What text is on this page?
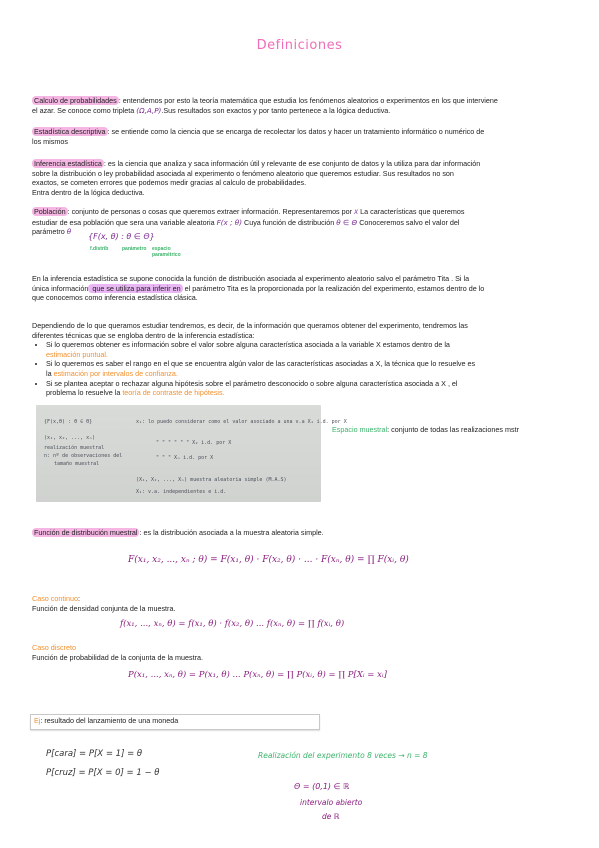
Definiciones
Calculo de probabilidades : entendemos por esto la teoría matemática que estudia los fenómenos aleatorios o experimentos en los que interviene
el azar. Se conoce como tripleta (Ω,A,P).Sus resultados son exactos y por tanto pertenece a la lógica deductiva.
Estadística descriptiva : se entiende como la ciencia que se encarga de recolectar los datos y hacer un tratamiento informático o numérico de
los mismos
Inferencia estadística : es la ciencia que analiza y saca información útil y relevante de ese conjunto de datos y la utiliza para dar información
sobre la distribución o ley probabilidad asociada al experimento o fenómeno aleatorio que queremos estudiar. Sus resultados no son
exactos, se cometen errores que podemos medir gracias al calculo de probabilidades.
Entra dentro de la lógica deductiva.
Población : conjunto de personas o cosas que queremos extraer información. Representaremos por X La características que queremos
estudiar de esa población que sera una variable aleatoria F(x ; θ) Cuya función de distribución θ ∈ Θ Conoceremos salvo el valor del
parámetro θ
{F(x, θ) : θ ∈ Θ}
f.distrib	parámetro espacio paramétrico
En la inferencia estadística se supone conocida la función de distribución asociada al experimento aleatorio salvo el parámetro Tita . Si la
única información que se utiliza para inferir en el parámetro Tita es la proporcionada por la realización del experimento, estamos dentro de lo
que conocemos como inferencia estadística clásica.
Dependiendo de lo que queramos estudiar tendremos, es decir, de la información que queramos obtener del experimento, tendremos las
diferentes técnicas que se engloba dentro de la inferencia estadística:
• Si lo queremos obtener es información sobre el valor sobre alguna característica asociada a la variable X estamos dentro de la
estimación puntual.
• Si lo queremos es saber el rango en el que se encuentra algún valor de las características asociadas a X, la técnica que lo resuelve es
la estimación por intervalos de confianza.
• Si se plantea aceptar o rechazar alguna hipótesis sobre el parámetro desconocido o sobre alguna característica asociada a X , el
problema lo resuelve la teoría de contraste de hipótesis.
{F(x,θ) : θ ∈ Θ}	x₁: lo puedo considerar como el valor asociado a una v.a X₁ i.d. por X
(x₁, x₂, ..., xₙ)
" " " " " " X₂ i.d. por X
realización muestral
n: nº de observaciones del	" " " Xₙ i.d. por X
tamaño muestral
(X₁, X₂, ..., Xₙ) muestra aleatoria simple (M.A.S)
X₁: v.a. independientes e i.d.
Espacio muestral: conjunto de todas las realizaciones mstr
Función de distribución muestral : es la distribución asociada a la muestra aleatoria simple.
F(x₁, x₂, ..., xₙ ; θ) = F(x₁, θ) · F(x₂, θ) · ... · F(xₙ, θ) = ∏ F(xᵢ, θ)
Caso continuo:
Función de densidad conjunta de la muestra.
f(x₁, ..., xₙ, θ) = f(x₁, θ) · f(x₂, θ) ... f(xₙ, θ) = ∏ f(xᵢ, θ)
Caso discreto
Función de probabilidad de la conjunta de la muestra.
P(x₁, ..., xₙ, θ) = P(x₁, θ) ... P(xₙ, θ) = ∏ P(xᵢ, θ) = ∏ P[Xᵢ = xᵢ]
Ej: resultado del lanzamiento de una moneda
P[cara] = P[X = 1] = θ
P[cruz] = P[X = 0] = 1 − θ
Realización del experimento 8 veces → n = 8
Θ = (0,1) ∈ ℝ
intervalo abierto
de ℝ
